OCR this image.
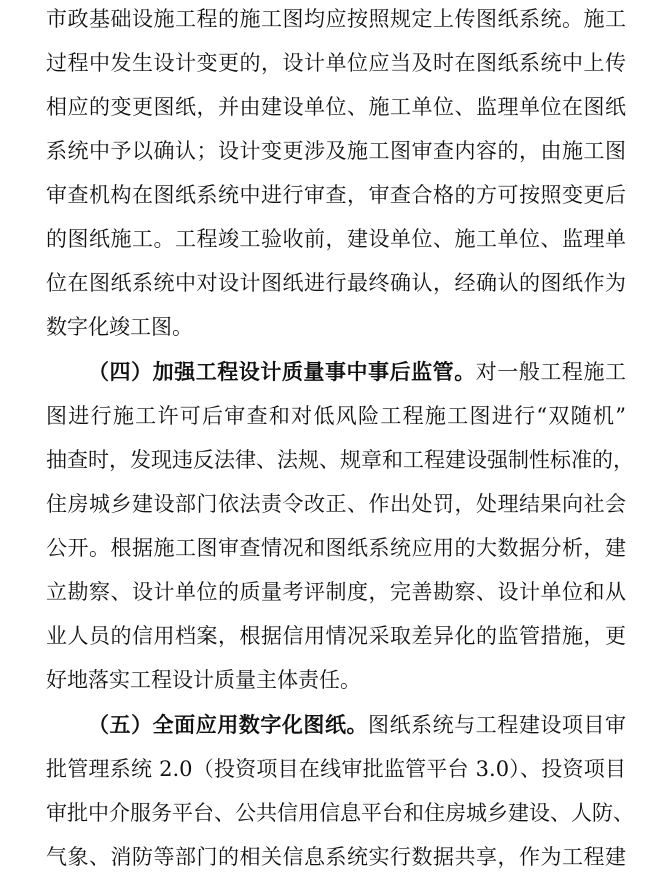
市政基础设施工程的施工图均应按照规定上传图纸系统。施工
过程中发生设计变更的，设计单位应当及时在图纸系统中上传
相应的变更图纸，并由建设单位、施工单位、监理单位在图纸
系统中予以确认；设计变更涉及施工图审查内容的，由施工图
审查机构在图纸系统中进行审查，审查合格的方可按照变更后
的图纸施工。工程竣工验收前，建设单位、施工单位、监理单
位在图纸系统中对设计图纸进行最终确认，经确认的图纸作为
数字化竣工图。
（四）加强工程设计质量事中事后监管。对一般工程施工
图进行施工许可后审查和对低风险工程施工图进行“双随机”
抽查时，发现违反法律、法规、规章和工程建设强制性标准的，
住房城乡建设部门依法责令改正、作出处罚，处理结果向社会
公开。根据施工图审查情况和图纸系统应用的大数据分析，建
立勘察、设计单位的质量考评制度，完善勘察、设计单位和从
业人员的信用档案，根据信用情况采取差异化的监管措施，更
好地落实工程设计质量主体责任。
（五）全面应用数字化图纸。图纸系统与工程建设项目审
批管理系统 2.0（投资项目在线审批监管平台 3.0）、投资项目
审批中介服务平台、公共信用信息平台和住房城乡建设、人防、
气象、消防等部门的相关信息系统实行数据共享，作为工程建
